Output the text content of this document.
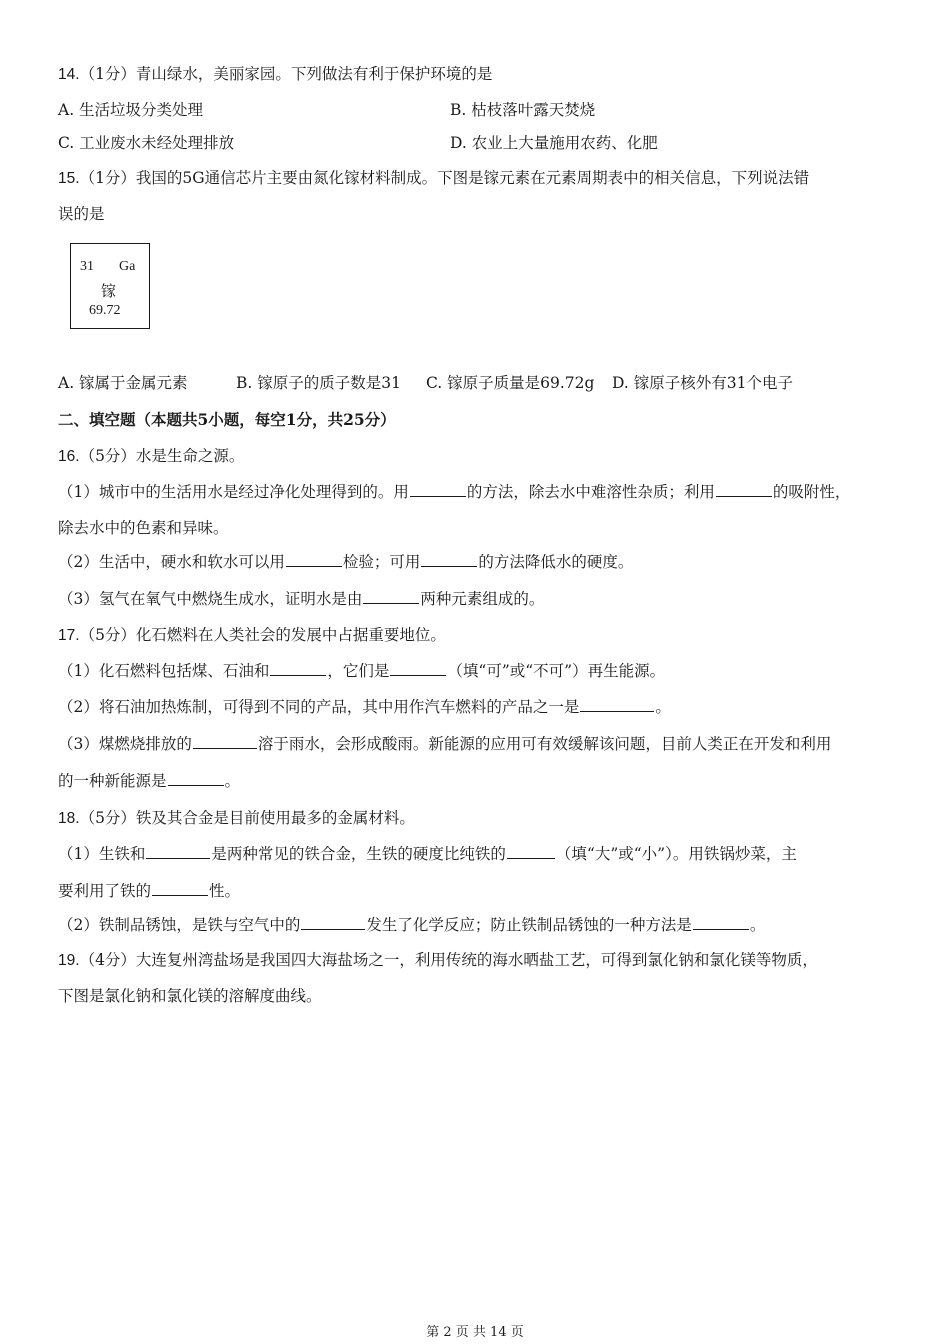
14.（1分）青山绿水，美丽家园。下列做法有利于保护环境的是
A. 生活垃圾分类处理	B. 枯枝落叶露天焚烧
C. 工业废水未经处理排放	D. 农业上大量施用农药、化肥
15.（1分）我国的5G通信芯片主要由氮化镓材料制成。下图是镓元素在元素周期表中的相关信息，下列说法错
误的是
31 Ga
镓
69.72
A. 镓属于金属元素	B. 镓原子的质子数是31 C. 镓原子质量是69.72g D. 镓原子核外有31个电子
二、填空题（本题共5小题，每空1分，共25分）
16.（5分）水是生命之源。
（1）城市中的生活用水是经过净化处理得到的。用	的方法，除去水中难溶性杂质；利用	的吸附性，
除去水中的色素和异味。
（2）生活中，硬水和软水可以用	检验；可用	的方法降低水的硬度。
（3）氢气在氧气中燃烧生成水，证明水是由	两种元素组成的。
17.（5分）化石燃料在人类社会的发展中占据重要地位。
（1）化石燃料包括煤、石油和	，它们是	（填“可”或“不可”）再生能源。
（2）将石油加热炼制，可得到不同的产品，其中用作汽车燃料的产品之一是	。
（3）煤燃烧排放的	溶于雨水，会形成酸雨。新能源的应用可有效缓解该问题，目前人类正在开发和利用
的一种新能源是	。
18.（5分）铁及其合金是目前使用最多的金属材料。
（1）生铁和	是两种常见的铁合金，生铁的硬度比纯铁的	（填“大”或“小”）。用铁锅炒菜，主
要利用了铁的	性。
（2）铁制品锈蚀，是铁与空气中的	发生了化学反应；防止铁制品锈蚀的一种方法是	。
19.（4分）大连复州湾盐场是我国四大海盐场之一，利用传统的海水晒盐工艺，可得到氯化钠和氯化镁等物质，
下图是氯化钠和氯化镁的溶解度曲线。
第 2 页 共 14 页
